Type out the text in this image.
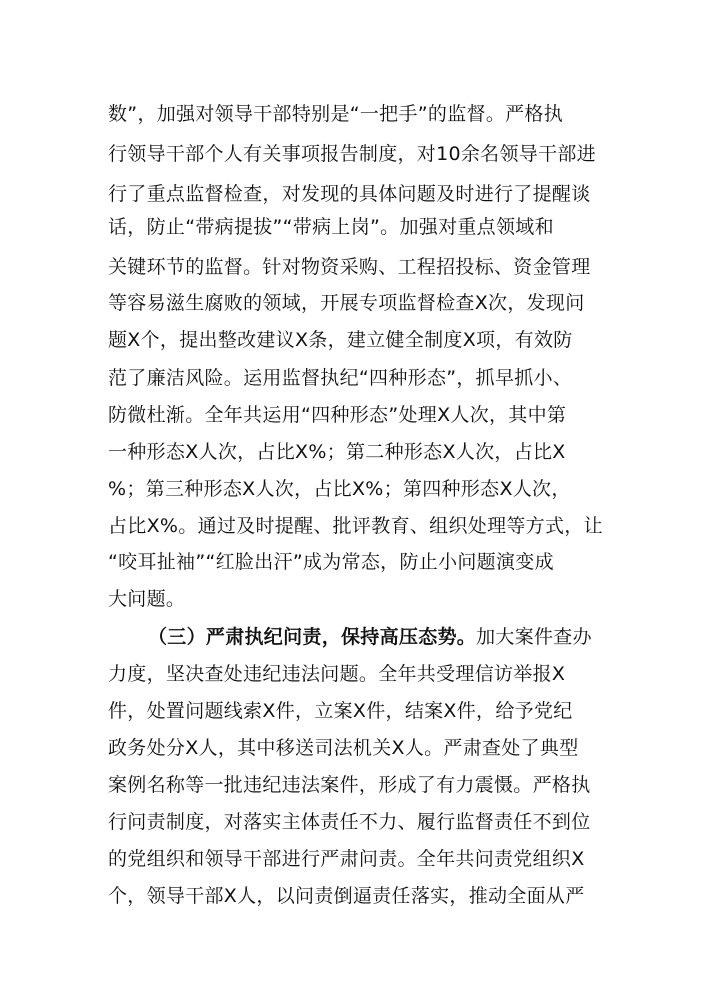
数”，加强对领导干部特别是“一把手”的监督。严格执
行领导干部个人有关事项报告制度，对10余名领导干部进
行了重点监督检查，对发现的具体问题及时进行了提醒谈
话，防止“带病提拔”“带病上岗”。加强对重点领域和
关键环节的监督。针对物资采购、工程招投标、资金管理
等容易滋生腐败的领域，开展专项监督检查X次，发现问
题X个，提出整改建议X条，建立健全制度X项，有效防
范了廉洁风险。运用监督执纪“四种形态”，抓早抓小、
防微杜渐。全年共运用“四种形态”处理X人次，其中第
一种形态X人次，占比X%；第二种形态X人次，占比X
%；第三种形态X人次，占比X%；第四种形态X人次，
占比X%。通过及时提醒、批评教育、组织处理等方式，让
“咬耳扯袖”“红脸出汗”成为常态，防止小问题演变成
大问题。
（三）严肃执纪问责，保持高压态势。加大案件查办
力度，坚决查处违纪违法问题。全年共受理信访举报X
件，处置问题线索X件，立案X件，结案X件，给予党纪
政务处分X人，其中移送司法机关X人。严肃查处了典型
案例名称等一批违纪违法案件，形成了有力震慑。严格执
行问责制度，对落实主体责任不力、履行监督责任不到位
的党组织和领导干部进行严肃问责。全年共问责党组织X
个，领导干部X人，以问责倒逼责任落实，推动全面从严
